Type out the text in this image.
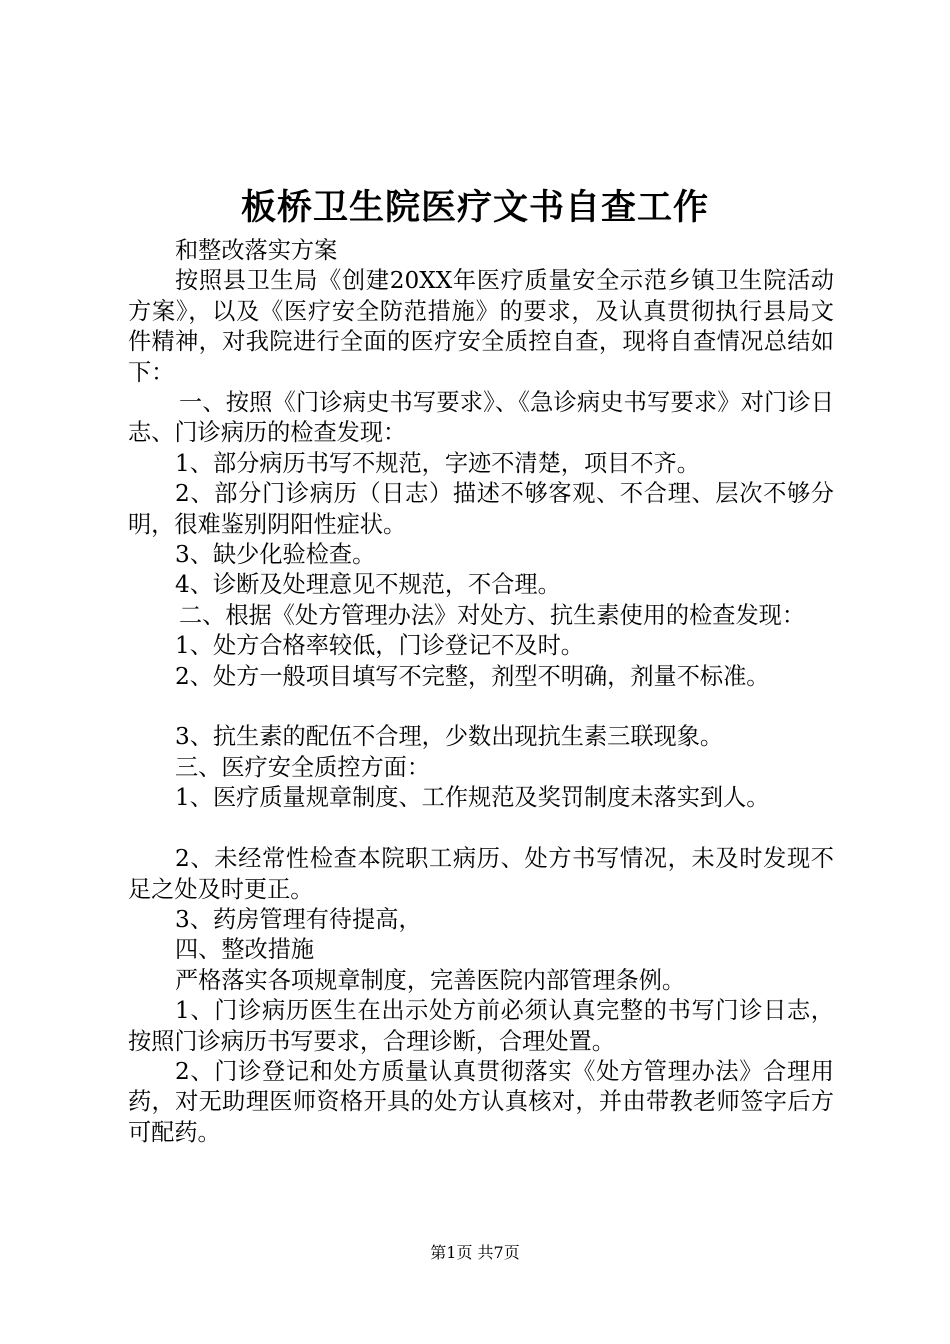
板桥卫生院医疗文书自查工作

和整改落实方案

按照县卫生局《创建20XX年医疗质量安全示范乡镇卫生院活动方案》，以及《医疗安全防范措施》的要求，及认真贯彻执行县局文件精神，对我院进行全面的医疗安全质控自查，现将自查情况总结如下：

一、按照《门诊病史书写要求》、《急诊病史书写要求》对门诊日志、门诊病历的检查发现：

1、部分病历书写不规范，字迹不清楚，项目不齐。

2、部分门诊病历（日志）描述不够客观、不合理、层次不够分明，很难鉴别阴阳性症状。

3、缺少化验检查。

4、诊断及处理意见不规范，不合理。

二、根据《处方管理办法》对处方、抗生素使用的检查发现：

1、处方合格率较低，门诊登记不及时。

2、处方一般项目填写不完整，剂型不明确，剂量不标准。

3、抗生素的配伍不合理，少数出现抗生素三联现象。

三、医疗安全质控方面：

1、医疗质量规章制度、工作规范及奖罚制度未落实到人。

2、未经常性检查本院职工病历、处方书写情况，未及时发现不足之处及时更正。

3、药房管理有待提高，

四、整改措施

严格落实各项规章制度，完善医院内部管理条例。

1、门诊病历医生在出示处方前必须认真完整的书写门诊日志，按照门诊病历书写要求，合理诊断，合理处置。

2、门诊登记和处方质量认真贯彻落实《处方管理办法》合理用药，对无助理医师资格开具的处方认真核对，并由带教老师签字后方可配药。

第1页 共7页
